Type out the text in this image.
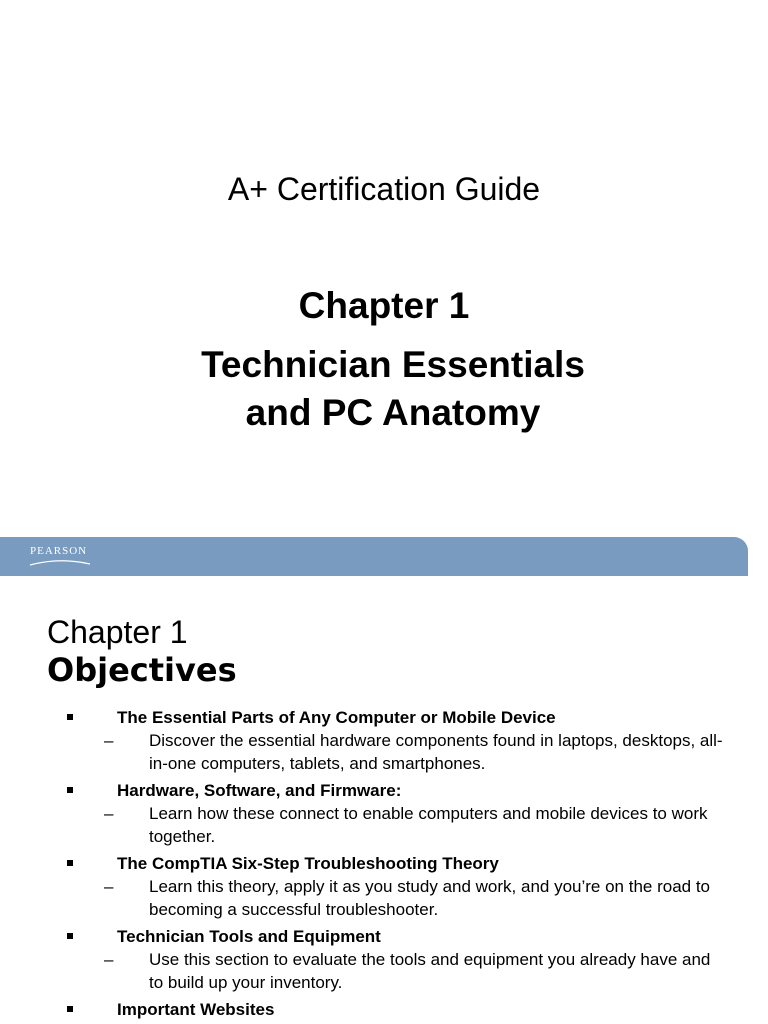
A+ Certification Guide
Chapter 1
Technician Essentials
and PC Anatomy
PEARSON
Chapter 1
Objectives
The Essential Parts of Any Computer or Mobile Device
– Discover the essential hardware components found in laptops, desktops, all-in-one computers, tablets, and smartphones.
Hardware, Software, and Firmware:
– Learn how these connect to enable computers and mobile devices to work together.
The CompTIA Six-Step Troubleshooting Theory
– Learn this theory, apply it as you study and work, and you’re on the road to becoming a successful troubleshooter.
Technician Tools and Equipment
– Use this section to evaluate the tools and equipment you already have and to build up your inventory.
Important Websites
